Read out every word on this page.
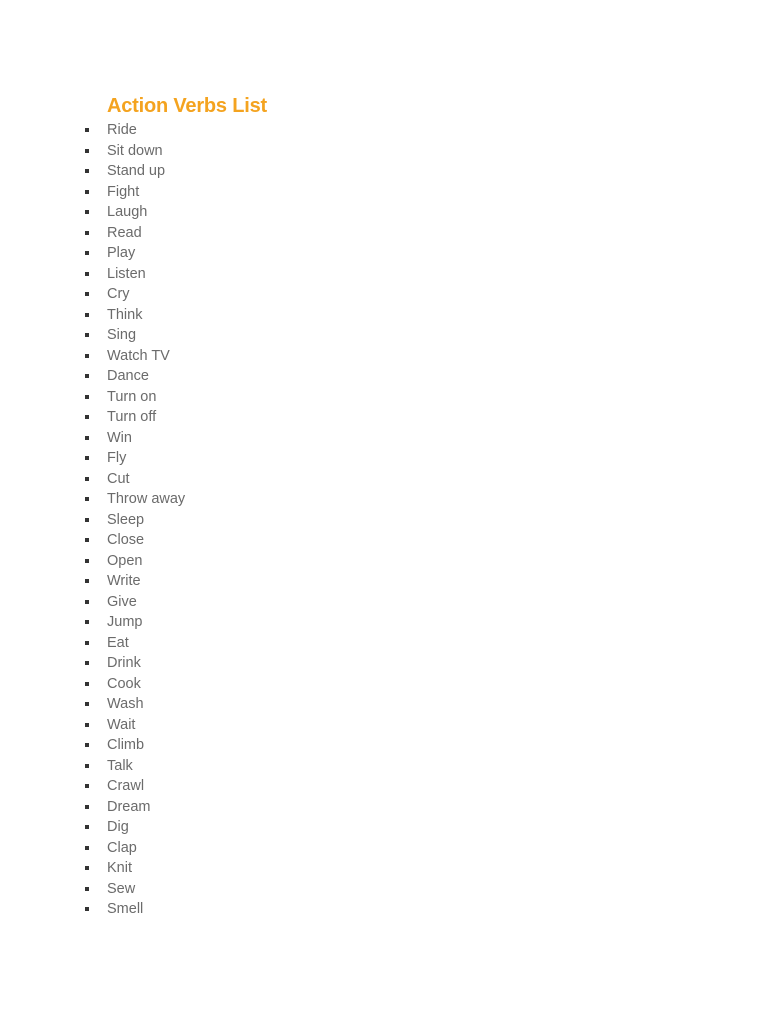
Action Verbs List
Ride
Sit down
Stand up
Fight
Laugh
Read
Play
Listen
Cry
Think
Sing
Watch TV
Dance
Turn on
Turn off
Win
Fly
Cut
Throw away
Sleep
Close
Open
Write
Give
Jump
Eat
Drink
Cook
Wash
Wait
Climb
Talk
Crawl
Dream
Dig
Clap
Knit
Sew
Smell
